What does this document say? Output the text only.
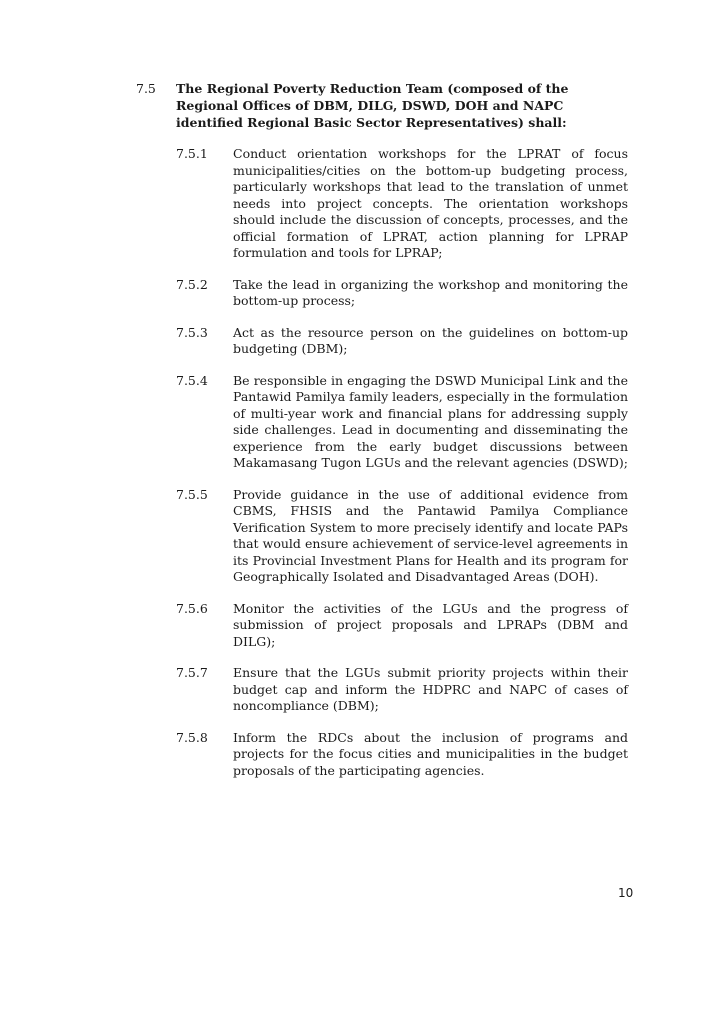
7.5	The Regional Poverty Reduction Team (composed of the Regional Offices of DBM, DILG, DSWD, DOH and NAPC identified Regional Basic Sector Representatives) shall:
7.5.1	Conduct orientation workshops for the LPRAT of focus municipalities/cities on the bottom-up budgeting process, particularly workshops that lead to the translation of unmet needs into project concepts. The orientation workshops should include the discussion of concepts, processes, and the official formation of LPRAT, action planning for LPRAP formulation and tools for LPRAP;
7.5.2	Take the lead in organizing the workshop and monitoring the bottom-up process;
7.5.3	Act as the resource person on the guidelines on bottom-up budgeting (DBM);
7.5.4	Be responsible in engaging the DSWD Municipal Link and the Pantawid Pamilya family leaders, especially in the formulation of multi-year work and financial plans for addressing supply side challenges. Lead in documenting and disseminating the experience from the early budget discussions between Makamasang Tugon LGUs and the relevant agencies (DSWD);
7.5.5	Provide guidance in the use of additional evidence from CBMS, FHSIS and the Pantawid Pamilya Compliance Verification System to more precisely identify and locate PAPs that would ensure achievement of service-level agreements in its Provincial Investment Plans for Health and its program for Geographically Isolated and Disadvantaged Areas (DOH).
7.5.6	Monitor the activities of the LGUs and the progress of submission of project proposals and LPRAPs (DBM and DILG);
7.5.7	Ensure that the LGUs submit priority projects within their budget cap and inform the HDPRC and NAPC of cases of noncompliance (DBM);
7.5.8	Inform the RDCs about the inclusion of programs and projects for the focus cities and municipalities in the budget proposals of the participating agencies.
10
